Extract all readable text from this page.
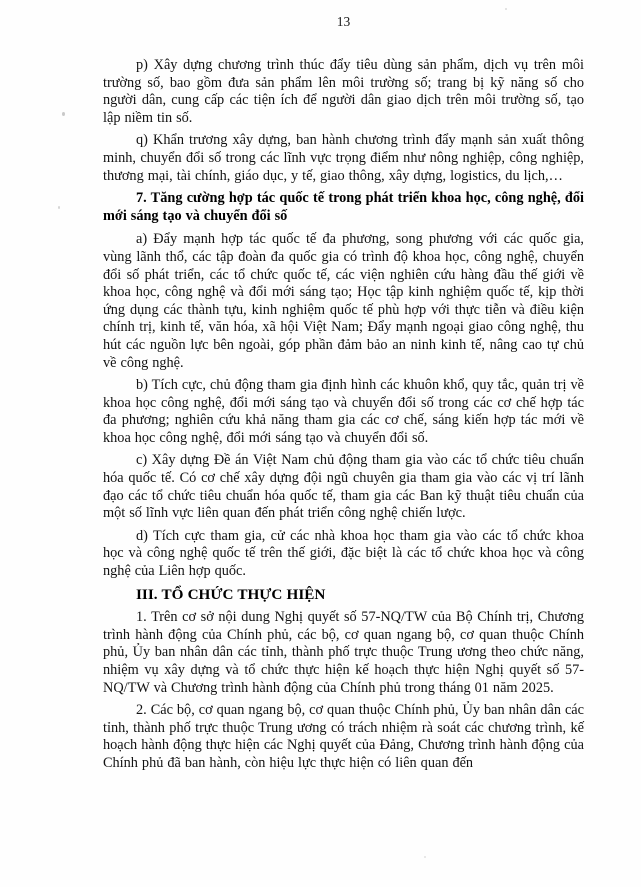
13

p) Xây dựng chương trình thúc đẩy tiêu dùng sản phẩm, dịch vụ trên môi trường số, bao gồm đưa sản phẩm lên môi trường số; trang bị kỹ năng số cho người dân, cung cấp các tiện ích để người dân giao dịch trên môi trường số, tạo lập niềm tin số.

q) Khẩn trương xây dựng, ban hành chương trình đẩy mạnh sản xuất thông minh, chuyển đổi số trong các lĩnh vực trọng điểm như nông nghiệp, công nghiệp, thương mại, tài chính, giáo dục, y tế, giao thông, xây dựng, logistics, du lịch,…

7. Tăng cường hợp tác quốc tế trong phát triển khoa học, công nghệ, đổi mới sáng tạo và chuyển đổi số

a) Đẩy mạnh hợp tác quốc tế đa phương, song phương với các quốc gia, vùng lãnh thổ, các tập đoàn đa quốc gia có trình độ khoa học, công nghệ, chuyển đổi số phát triển, các tổ chức quốc tế, các viện nghiên cứu hàng đầu thế giới về khoa học, công nghệ và đổi mới sáng tạo; Học tập kinh nghiệm quốc tế, kịp thời ứng dụng các thành tựu, kinh nghiệm quốc tế phù hợp với thực tiễn và điều kiện chính trị, kinh tế, văn hóa, xã hội Việt Nam; Đẩy mạnh ngoại giao công nghệ, thu hút các nguồn lực bên ngoài, góp phần đảm bảo an ninh kinh tế, nâng cao tự chủ về công nghệ.

b) Tích cực, chủ động tham gia định hình các khuôn khổ, quy tắc, quản trị về khoa học công nghệ, đổi mới sáng tạo và chuyển đổi số trong các cơ chế hợp tác đa phương; nghiên cứu khả năng tham gia các cơ chế, sáng kiến hợp tác mới về khoa học công nghệ, đổi mới sáng tạo và chuyển đổi số.

c) Xây dựng Đề án Việt Nam chủ động tham gia vào các tổ chức tiêu chuẩn hóa quốc tế. Có cơ chế xây dựng đội ngũ chuyên gia tham gia vào các vị trí lãnh đạo các tổ chức tiêu chuẩn hóa quốc tế, tham gia các Ban kỹ thuật tiêu chuẩn của một số lĩnh vực liên quan đến phát triển công nghệ chiến lược.

d) Tích cực tham gia, cử các nhà khoa học tham gia vào các tổ chức khoa học và công nghệ quốc tế trên thế giới, đặc biệt là các tổ chức khoa học và công nghệ của Liên hợp quốc.

III. TỔ CHỨC THỰC HIỆN

1. Trên cơ sở nội dung Nghị quyết số 57-NQ/TW của Bộ Chính trị, Chương trình hành động của Chính phủ, các bộ, cơ quan ngang bộ, cơ quan thuộc Chính phủ, Ủy ban nhân dân các tỉnh, thành phố trực thuộc Trung ương theo chức năng, nhiệm vụ xây dựng và tổ chức thực hiện kế hoạch thực hiện Nghị quyết số 57-NQ/TW và Chương trình hành động của Chính phủ trong tháng 01 năm 2025.

2. Các bộ, cơ quan ngang bộ, cơ quan thuộc Chính phủ, Ủy ban nhân dân các tỉnh, thành phố trực thuộc Trung ương có trách nhiệm rà soát các chương trình, kế hoạch hành động thực hiện các Nghị quyết của Đảng, Chương trình hành động của Chính phủ đã ban hành, còn hiệu lực thực hiện có liên quan đến
